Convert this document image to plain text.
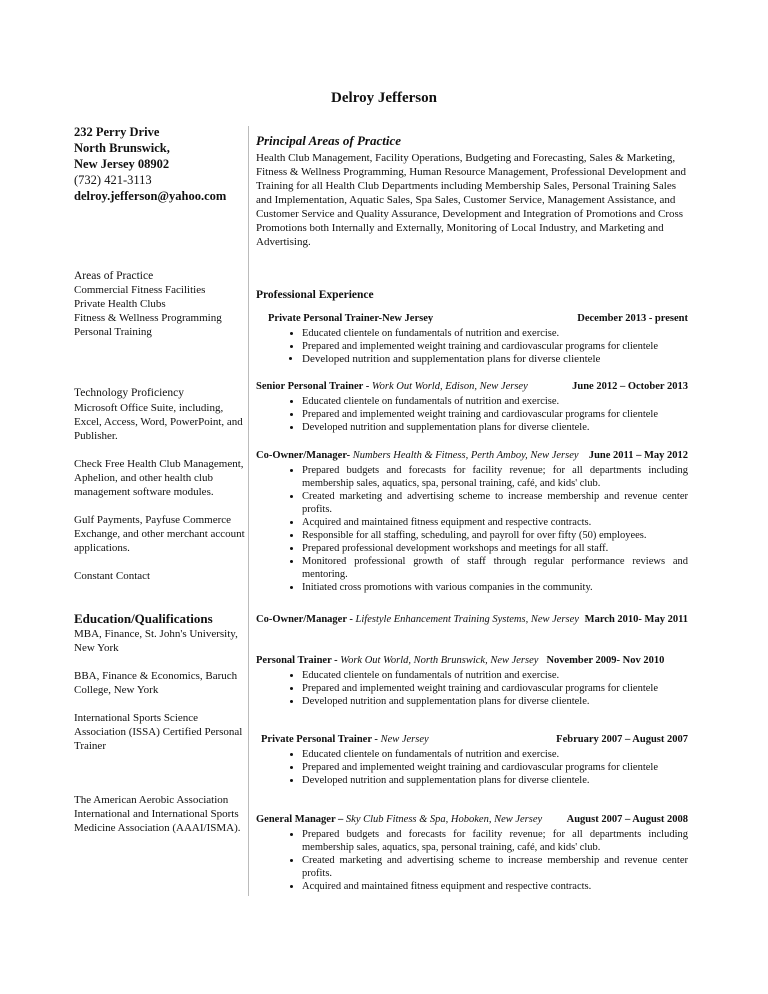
Delroy Jefferson
232 Perry Drive
North Brunswick,
New Jersey 08902
(732) 421-3113
delroy.jefferson@yahoo.com
Principal Areas of Practice
Health Club Management, Facility Operations, Budgeting and Forecasting, Sales & Marketing, Fitness & Wellness Programming, Human Resource Management, Professional Development and Training for all Health Club Departments including Membership Sales, Personal Training Sales and Implementation, Aquatic Sales, Spa Sales, Customer Service, Management Assistance, and Customer Service and Quality Assurance, Development and Integration of Promotions and Cross Promotions both Internally and Externally, Monitoring of Local Industry, and Marketing and Advertising.
Areas of Practice
Commercial Fitness Facilities
Private Health Clubs
Fitness & Wellness Programming
Personal Training
Technology Proficiency

Microsoft Office Suite, including, Excel, Access, Word, PowerPoint, and Publisher.

Check Free Health Club Management, Aphelion, and other health club management software modules.

Gulf Payments, Payfuse Commerce Exchange, and other merchant account applications.

Constant Contact

Education/Qualifications

MBA, Finance, St. John's University, New York

BBA, Finance & Economics, Baruch College, New York

International Sports Science Association (ISSA) Certified Personal Trainer

The American Aerobic Association International and International Sports Medicine Association (AAAI/ISMA).

Professional Experience
Private Personal Trainer-New Jersey	December 2013 - present
• Educated clientele on fundamentals of nutrition and exercise.
• Prepared and implemented weight training and cardiovascular programs for clientele
• Developed nutrition and supplementation plans for diverse clientele
Senior Personal Trainer - Work Out World, Edison, New Jersey	June 2012 – October 2013
• Educated clientele on fundamentals of nutrition and exercise.
• Prepared and implemented weight training and cardiovascular programs for clientele
• Developed nutrition and supplementation plans for diverse clientele.
Co-Owner/Manager- Numbers Health & Fitness, Perth Amboy, New Jersey June 2011 – May 2012
• Prepared budgets and forecasts for facility revenue; for all departments including membership sales, aquatics, spa, personal training, café, and kids' club.
• Created marketing and advertising scheme to increase membership and revenue center profits.
• Acquired and maintained fitness equipment and respective contracts.
• Responsible for all staffing, scheduling, and payroll for over fifty (50) employees.
• Prepared professional development workshops and meetings for all staff.
• Monitored professional growth of staff through regular performance reviews and mentoring.
• Initiated cross promotions with various companies in the community.
Co-Owner/Manager - Lifestyle Enhancement Training Systems, New Jersey March 2010- May 2011
Personal Trainer - Work Out World, North Brunswick, New Jersey November 2009- Nov 2010
• Educated clientele on fundamentals of nutrition and exercise.
• Prepared and implemented weight training and cardiovascular programs for clientele
• Developed nutrition and supplementation plans for diverse clientele.
Private Personal Trainer - New Jersey	February 2007 – August 2007
• Educated clientele on fundamentals of nutrition and exercise.
• Prepared and implemented weight training and cardiovascular programs for clientele
• Developed nutrition and supplementation plans for diverse clientele.
General Manager – Sky Club Fitness & Spa, Hoboken, New Jersey August 2007 – August 2008
• Prepared budgets and forecasts for facility revenue; for all departments including membership sales, aquatics, spa, personal training, café, and kids' club.
• Created marketing and advertising scheme to increase membership and revenue center profits.
• Acquired and maintained fitness equipment and respective contracts.
